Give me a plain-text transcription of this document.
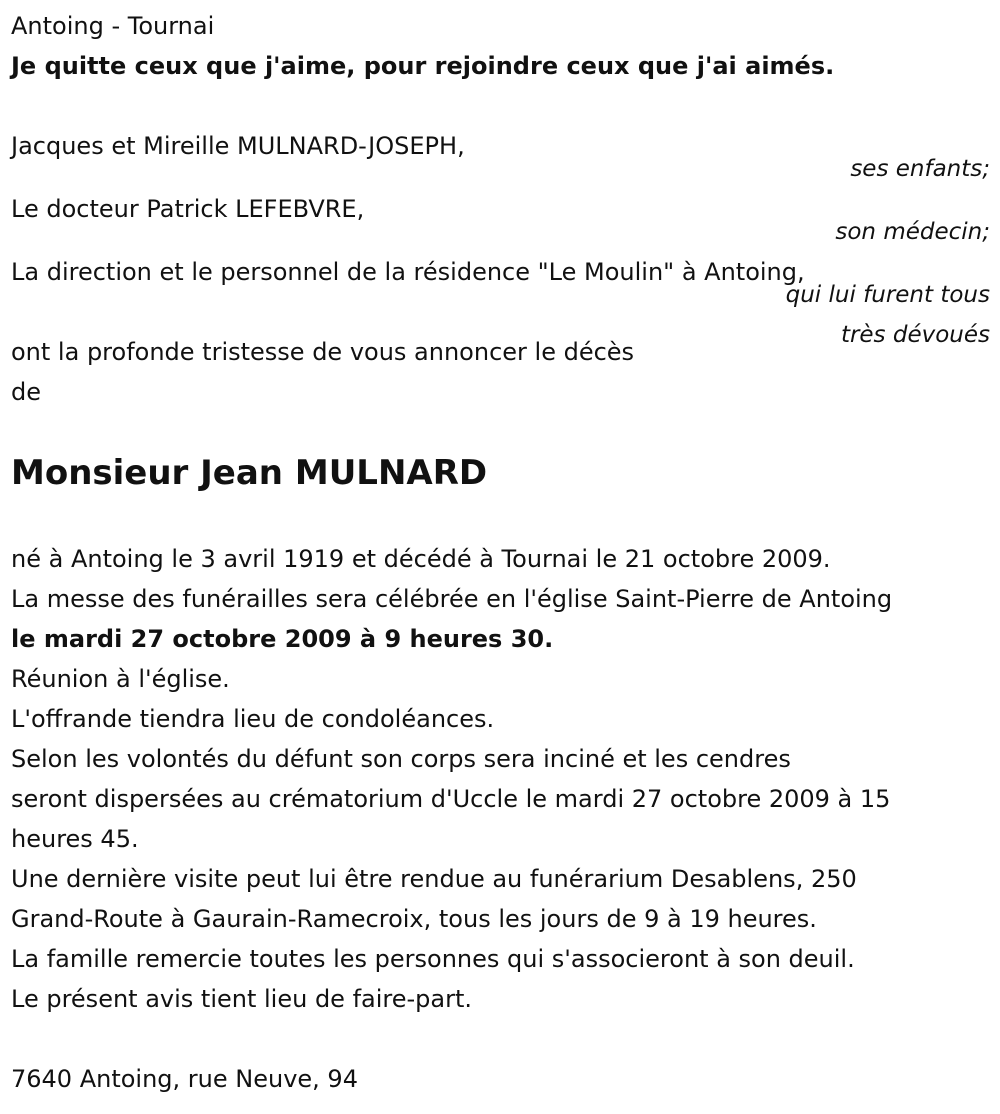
Antoing - Tournai
Je quitte ceux que j'aime, pour rejoindre ceux que j'ai aimés.
Jacques et Mireille MULNARD-JOSEPH,
ses enfants;
Le docteur Patrick LEFEBVRE,
son médecin;
La direction et le personnel de la résidence "Le Moulin" à Antoing,
qui lui furent tous
très dévoués
ont la profonde tristesse de vous annoncer le décès
de
Monsieur Jean MULNARD
né à Antoing le 3 avril 1919 et décédé à Tournai le 21 octobre 2009.
La messe des funérailles sera célébrée en l'église Saint-Pierre de Antoing
le mardi 27 octobre 2009 à 9 heures 30.
Réunion à l'église.
L'offrande tiendra lieu de condoléances.
Selon les volontés du défunt son corps sera inciné et les cendres
seront dispersées au crématorium d'Uccle le mardi 27 octobre 2009 à 15
heures 45.
Une dernière visite peut lui être rendue au funérarium Desablens, 250
Grand-Route à Gaurain-Ramecroix, tous les jours de 9 à 19 heures.
La famille remercie toutes les personnes qui s'associeront à son deuil.
Le présent avis tient lieu de faire-part.
7640 Antoing, rue Neuve, 94
